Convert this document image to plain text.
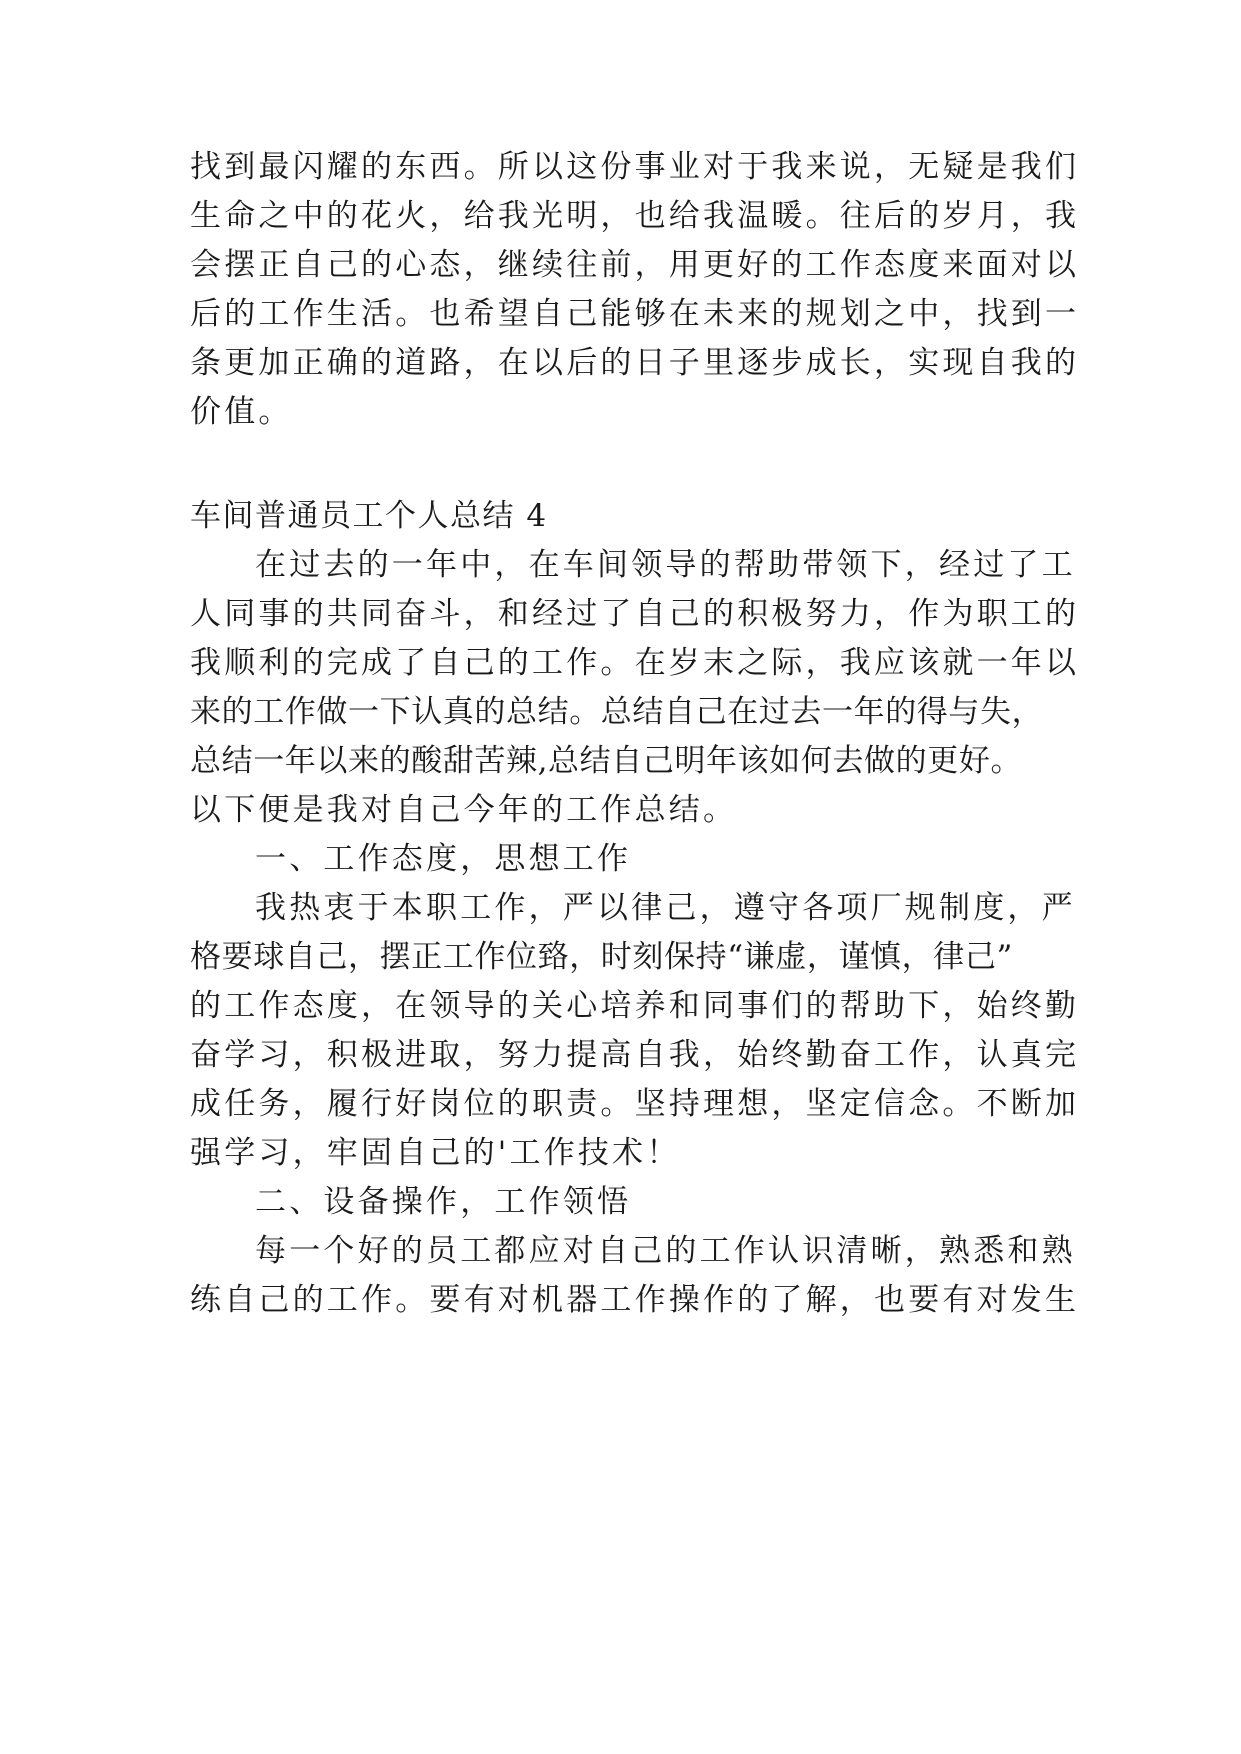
找到最闪耀的东西。所以这份事业对于我来说，无疑是我们
生命之中的花火，给我光明，也给我温暖。往后的岁月，我
会摆正自己的心态，继续往前，用更好的工作态度来面对以
后的工作生活。也希望自己能够在未来的规划之中，找到一
条更加正确的道路，在以后的日子里逐步成长，实现自我的
价值。
车间普通员工个人总结 4
在过去的一年中，在车间领导的帮助带领下，经过了工
人同事的共同奋斗，和经过了自己的积极努力，作为职工的
我顺利的完成了自己的工作。在岁末之际，我应该就一年以
来的工作做一下认真的总结。总结自己在过去一年的得与失，
总结一年以来的酸甜苦辣,总结自己明年该如何去做的更好。
以下便是我对自己今年的工作总结。
一、工作态度，思想工作
我热衷于本职工作，严以律己，遵守各项厂规制度，严
格要球自己，摆正工作位臵，时刻保持“谦虚，谨慎，律己”
的工作态度，在领导的关心培养和同事们的帮助下，始终勤
奋学习，积极进取，努力提高自我，始终勤奋工作，认真完
成任务，履行好岗位的职责。坚持理想，坚定信念。不断加
强学习，牢固自己的'工作技术！
二、设备操作，工作领悟
每一个好的员工都应对自己的工作认识清晰，熟悉和熟
练自己的工作。要有对机器工作操作的了解，也要有对发生
